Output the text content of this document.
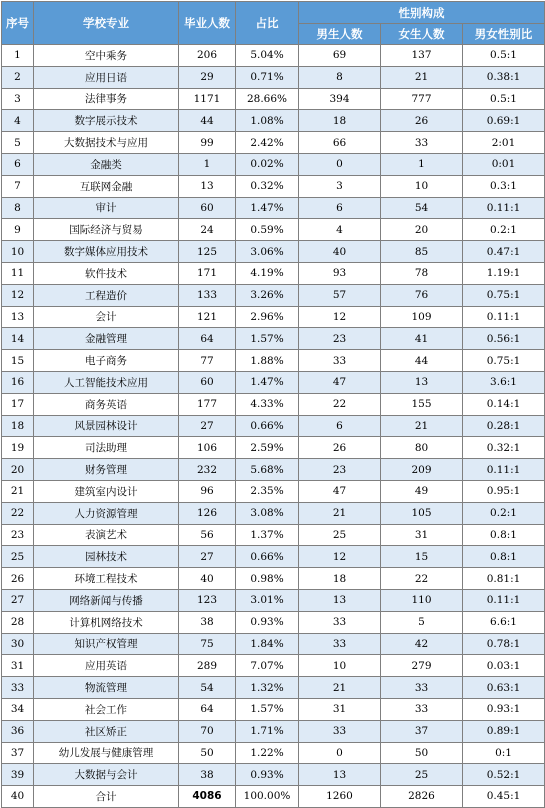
序号	学校专业	毕业人数	占比	性别构成		
				男生人数	女生人数	男女性别比
1	空中乘务	206	5.04%	69	137	0.5:1
2	应用日语	29	0.71%	8	21	0.38:1
3	法律事务	1171	28.66%	394	777	0.5:1
4	数字展示技术	44	1.08%	18	26	0.69:1
5	大数据技术与应用	99	2.42%	66	33	2:01
6	金融类	1	0.02%	0	1	0:01
7	互联网金融	13	0.32%	3	10	0.3:1
8	审计	60	1.47%	6	54	0.11:1
9	国际经济与贸易	24	0.59%	4	20	0.2:1
10	数字媒体应用技术	125	3.06%	40	85	0.47:1
11	软件技术	171	4.19%	93	78	1.19:1
12	工程造价	133	3.26%	57	76	0.75:1
13	会计	121	2.96%	12	109	0.11:1
14	金融管理	64	1.57%	23	41	0.56:1
15	电子商务	77	1.88%	33	44	0.75:1
16	人工智能技术应用	60	1.47%	47	13	3.6:1
17	商务英语	177	4.33%	22	155	0.14:1
18	风景园林设计	27	0.66%	6	21	0.28:1
19	司法助理	106	2.59%	26	80	0.32:1
20	财务管理	232	5.68%	23	209	0.11:1
21	建筑室内设计	96	2.35%	47	49	0.95:1
22	人力资源管理	126	3.08%	21	105	0.2:1
23	表演艺术	56	1.37%	25	31	0.8:1
25	园林技术	27	0.66%	12	15	0.8:1
26	环境工程技术	40	0.98%	18	22	0.81:1
27	网络新闻与传播	123	3.01%	13	110	0.11:1
28	计算机网络技术	38	0.93%	33	5	6.6:1
30	知识产权管理	75	1.84%	33	42	0.78:1
31	应用英语	289	7.07%	10	279	0.03:1
33	物流管理	54	1.32%	21	33	0.63:1
34	社会工作	64	1.57%	31	33	0.93:1
36	社区矫正	70	1.71%	33	37	0.89:1
37	幼儿发展与健康管理	50	1.22%	0	50	0:1
39	大数据与会计	38	0.93%	13	25	0.52:1
40	合计	4086	100.00%	1260	2826	0.45:1
